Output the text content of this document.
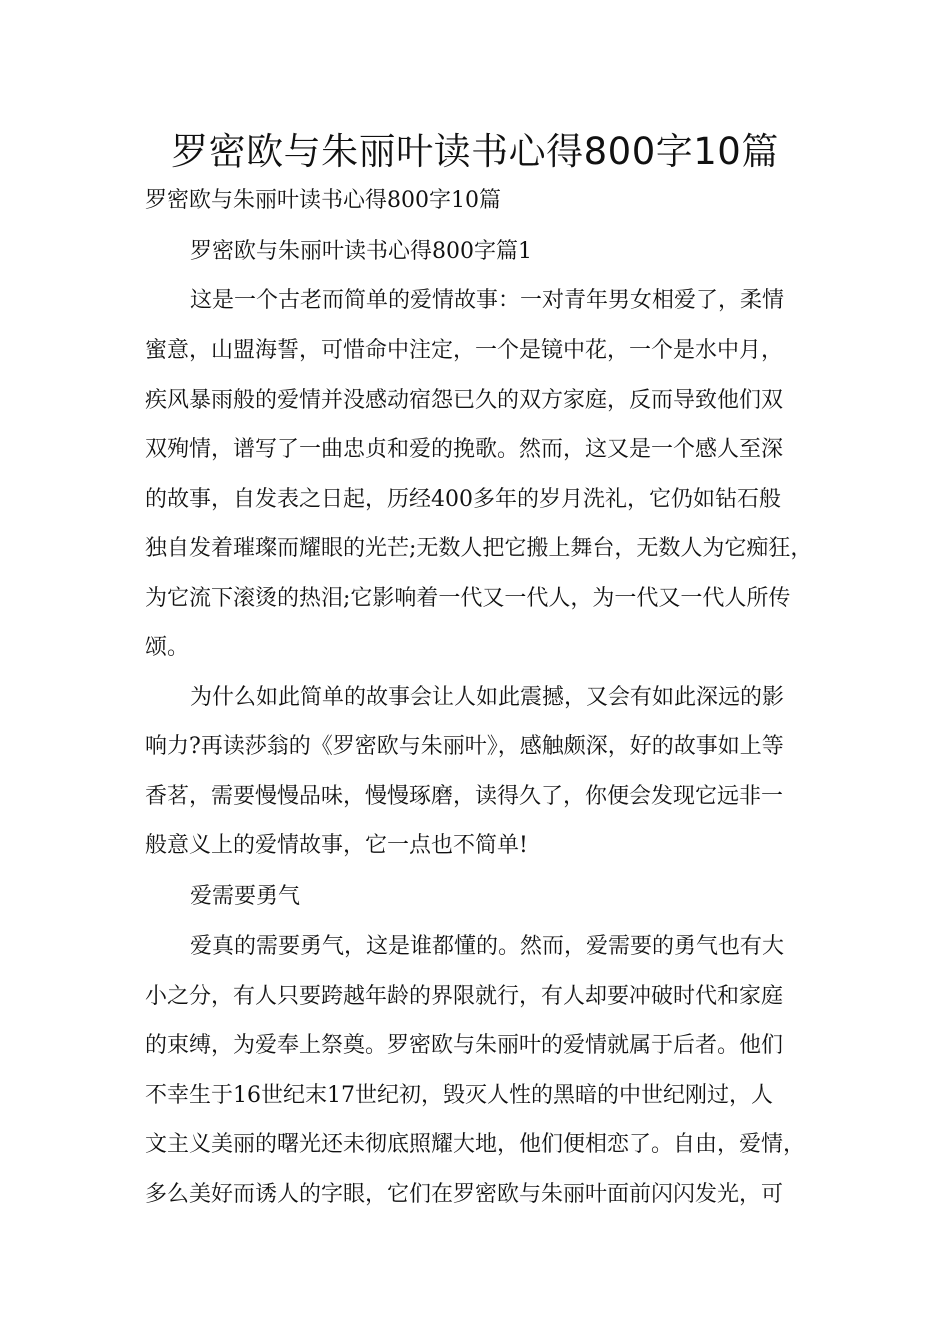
罗密欧与朱丽叶读书心得800字10篇

罗密欧与朱丽叶读书心得800字10篇

罗密欧与朱丽叶读书心得800字篇1

这是一个古老而简单的爱情故事：一对青年男女相爱了，柔情

蜜意，山盟海誓，可惜命中注定，一个是镜中花，一个是水中月，

疾风暴雨般的爱情并没感动宿怨已久的双方家庭，反而导致他们双

双殉情，谱写了一曲忠贞和爱的挽歌。然而，这又是一个感人至深

的故事，自发表之日起，历经400多年的岁月洗礼，它仍如钻石般

独自发着璀璨而耀眼的光芒;无数人把它搬上舞台，无数人为它痴狂，

为它流下滚烫的热泪;它影响着一代又一代人，为一代又一代人所传

颂。

为什么如此简单的故事会让人如此震撼，又会有如此深远的影

响力?再读莎翁的《罗密欧与朱丽叶》，感触颇深，好的故事如上等

香茗，需要慢慢品味，慢慢琢磨，读得久了，你便会发现它远非一

般意义上的爱情故事，它一点也不简单!

爱需要勇气

爱真的需要勇气，这是谁都懂的。然而，爱需要的勇气也有大

小之分，有人只要跨越年龄的界限就行，有人却要冲破时代和家庭

的束缚，为爱奉上祭奠。罗密欧与朱丽叶的爱情就属于后者。他们

不幸生于16世纪末17世纪初，毁灭人性的黑暗的中世纪刚过，人

文主义美丽的曙光还未彻底照耀大地，他们便相恋了。自由，爱情，

多么美好而诱人的字眼，它们在罗密欧与朱丽叶面前闪闪发光，可
